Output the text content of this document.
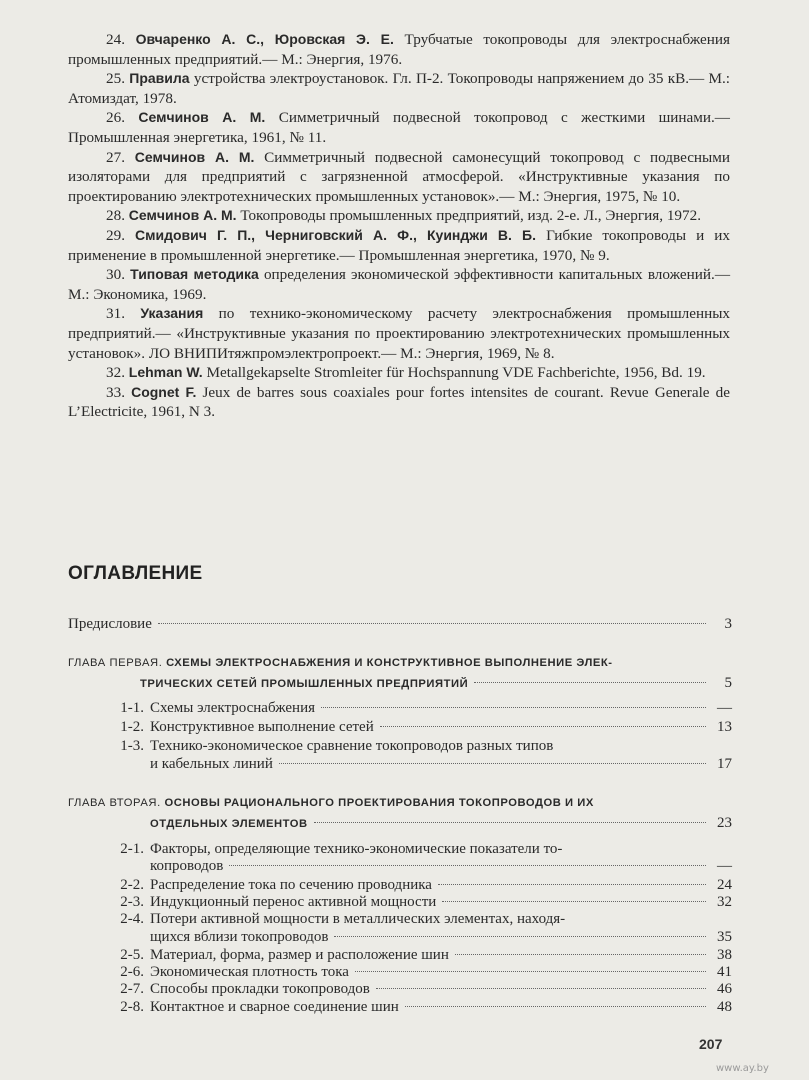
24. Овчаренко А. С., Юровская Э. Е. Трубчатые токопроводы для электроснабжения промышленных предприятий.— М.: Энергия, 1976.

25. Правила устройства электроустановок. Гл. П-2. Токопроводы напряжением до 35 кВ.— М.: Атомиздат, 1978.

26. Семчинов А. М. Симметричный подвесной токопровод с жесткими шинами.— Промышленная энергетика, 1961, № 11.

27. Семчинов А. М. Симметричный подвесной самонесущий токопровод с подвесными изоляторами для предприятий с загрязненной атмосферой. «Инструктивные указания по проектированию электротехнических промышленных установок».— М.: Энергия, 1975, № 10.

28. Семчинов А. М. Токопроводы промышленных предприятий, изд. 2-е. Л., Энергия, 1972.

29. Смидович Г. П., Черниговский А. Ф., Куинджи В. Б. Гибкие токопроводы и их применение в промышленной энергетике.— Промышленная энергетика, 1970, № 9.

30. Типовая методика определения экономической эффективности капитальных вложений.— М.: Экономика, 1969.

31. Указания по технико-экономическому расчету электроснабжения промышленных предприятий.— «Инструктивные указания по проектированию электротехнических промышленных установок». ЛО ВНИПИтяжпромэлектропроект.— М.: Энергия, 1969, № 8.

32. Lehman W. Metallgekapselte Stromleiter für Hochspannung VDE Fachberichte, 1956, Bd. 19.

33. Cognet F. Jeux de barres sous coaxiales pour fortes intensites de courant. Revue Generale de L’Electricite, 1961, N 3.

ОГЛАВЛЕНИЕ
Предисловие	3
ГЛАВА ПЕРВАЯ. СХЕМЫ ЭЛЕКТРОСНАБЖЕНИЯ И КОНСТРУКТИВНОЕ ВЫПОЛНЕНИЕ ЭЛЕК-
ТРИЧЕСКИХ СЕТЕЙ ПРОМЫШЛЕННЫХ ПРЕДПРИЯТИЙ	5
1-1. Схемы электроснабжения	—
1-2. Конструктивное выполнение сетей	13
1-3. Технико-экономическое сравнение токопроводов разных типов
и кабельных линий	17
ГЛАВА ВТОРАЯ. ОСНОВЫ РАЦИОНАЛЬНОГО ПРОЕКТИРОВАНИЯ ТОКОПРОВОДОВ И ИХ
ОТДЕЛЬНЫХ ЭЛЕМЕНТОВ	23
2-1. Факторы, определяющие технико-экономические показатели то-
копроводов	—
2-2. Распределение тока по сечению проводника	24
2-3. Индукционный перенос активной мощности	32
2-4. Потери активной мощности в металлических элементах, находя-
щихся вблизи токопроводов	35
2-5. Материал, форма, размер и расположение шин	38
2-6. Экономическая плотность тока	41
2-7. Способы прокладки токопроводов	46
2-8. Контактное и сварное соединение шин	48
207
www.ay.by
